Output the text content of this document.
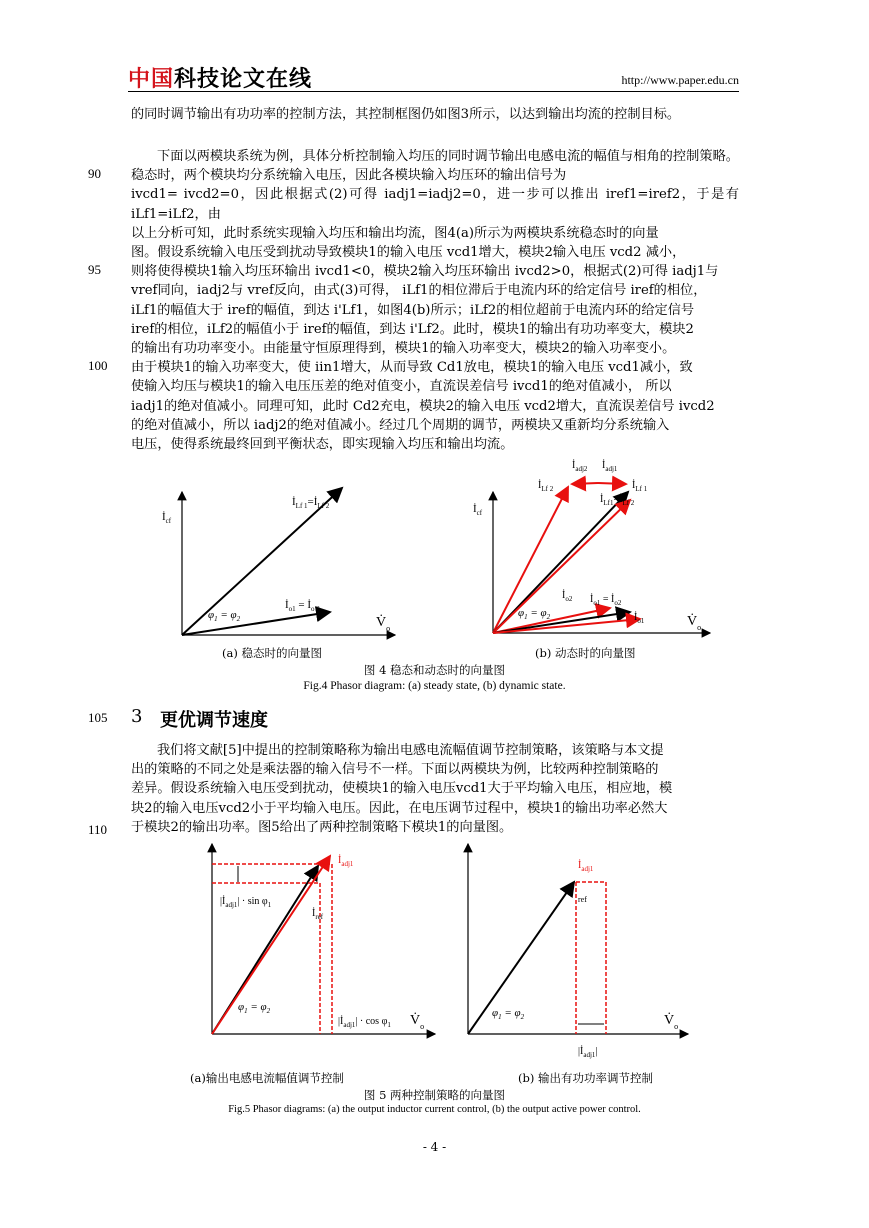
中国科技论文在线	http://www.paper.edu.cn

的同时调节输出有功功率的控制方法，其控制框图仍如图3所示，以达到输出均流的控制目标。

下面以两模块系统为例，具体分析控制输入均压的同时调节输出电感电流的幅值与相角的控制策略。稳态时，两个模块均分系统输入电压，因此各模块输入均压环的输出信号为

ivcd1= ivcd2=0，因此根据式(2)可得 iadj1=iadj2=0，进一步可以推出 iref1=iref2，于是有 iLf1=iLf2，由

以上分析可知，此时系统实现输入均压和输出均流，图4(a)所示为两模块系统稳态时的向量

图。假设系统输入电压受到扰动导致模块1的输入电压 vcd1增大，模块2输入电压 vcd2 减小，

则将使得模块1输入均压环输出 ivcd1<0，模块2输入均压环输出 ivcd2>0，根据式(2)可得 iadj1与

vref同向，iadj2与 vref反向，由式(3)可得， iLf1的相位滞后于电流内环的给定信号 iref的相位，

iLf1的幅值大于 iref的幅值，到达 i'Lf1，如图4(b)所示；iLf2的相位超前于电流内环的给定信号

iref的相位，iLf2的幅值小于 iref的幅值，到达 i'Lf2。此时，模块1的输出有功功率变大，模块2

的输出有功功率变小。由能量守恒原理得到，模块1的输入功率变大，模块2的输入功率变小。

由于模块1的输入功率变大，使 iin1增大，从而导致 Cd1放电，模块1的输入电压 vcd1减小，致

使输入均压与模块1的输入电压压差的绝对值变小，直流误差信号 ivcd1的绝对值减小， 所以

iadj1的绝对值减小。同理可知，此时 Cd2充电，模块2的输入电压 vcd2增大，直流误差信号 ivcd2

的绝对值减小，所以 iadj2的绝对值减小。经过几个周期的调节，两模块又重新均分系统输入

电压，使得系统最终回到平衡状态，即实现输入均压和输出均流。

90
95
100
105
110
$İ_{cf}$
$İ_{Lf 1}=İ_{Lf 2}$
$İ_{o1}$ = $İ_{o 2}$
$\varphi_1 = \varphi_2$	$V̇_o$
$İ_{cf}$
$İ_{Lf 2}$
$İ_{adj2}$ $İ_{adj1}$
$İ_{Lf 1}$
$İ_{Lf1}=İ_{Lf 2}$
$İ_{o2}$ $İ_{o1}$ = $İ_{o2}$
$İ_{o1}$
$\varphi_1 = \varphi_2$	$V̇_o$
(a) 稳态时的向量图	(b) 动态时的向量图
图 4 稳态和动态时的向量图
Fig.4 Phasor diagram: (a) steady state, (b) dynamic state.
3 更优调节速度

我们将文献[5]中提出的控制策略称为输出电感电流幅值调节控制策略，该策略与本文提

出的策略的不同之处是乘法器的输入信号不一样。下面以两模块为例，比较两种控制策略的

差异。假设系统输入电压受到扰动，使模块1的输入电压vcd1大于平均输入电压，相应地，模

块2的输入电压vcd2小于平均输入电压。因此，在电压调节过程中，模块1的输出功率必然大

于模块2的输出功率。图5给出了两种控制策略下模块1的向量图。

$İ_{adj1}$
$|İ_{adj1}| \cdot \sin \varphi_1$
$İ_{ref}$
$|İ_{adj1}| \cdot \cos \varphi_1$
$\varphi_1 = \varphi_2$
$V̇_o$
$İ_{adj1}$
ref
$\varphi_1 = \varphi_2$
$|İ_{adj1}|$
$V̇_o$
(a)输出电感电流幅值调节控制	(b) 输出有功功率调节控制
图 5 两种控制策略的向量图
Fig.5 Phasor diagrams: (a) the output inductor current control, (b) the output active power control.
- 4 -
